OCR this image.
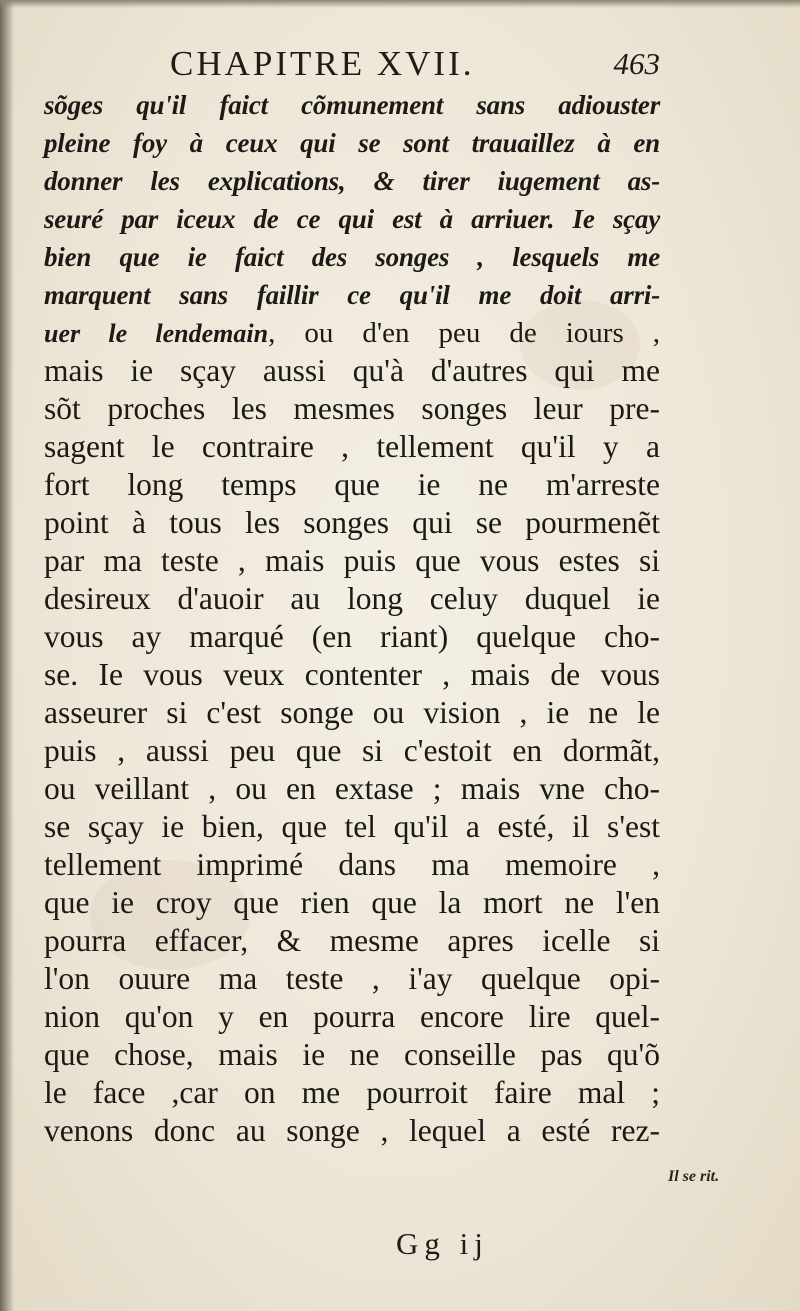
CHAPITRE XVII.	463
sõges qu'il faict cõmunement sans adiouster
pleine foy à ceux qui se sont trauaillez à en
donner les explications, & tirer iugement as-
seuré par iceux de ce qui est à arriuer. Ie sçay
bien que ie faict des songes , lesquels me
marquent sans faillir ce qu'il me doit arri-
uer le lendemain, ou d'en peu de iours ,
mais ie sçay aussi qu'à d'autres qui me
sõt proches les mesmes songes leur pre-
sagent le contraire , tellement qu'il y a
fort long temps que ie ne m'arreste
point à tous les songes qui se pourmenẽt
par ma teste , mais puis que vous estes si
desireux d'auoir au long celuy duquel ie
vous ay marqué (en riant) quelque cho-
se. Ie vous veux contenter , mais de vous
asseurer si c'est songe ou vision , ie ne le
puis , aussi peu que si c'estoit en dormãt,
ou veillant , ou en extase ; mais vne cho-
se sçay ie bien, que tel qu'il a esté, il s'est
tellement imprimé dans ma memoire ,
que ie croy que rien que la mort ne l'en
pourra effacer, & mesme apres icelle si
l'on ouure ma teste , i'ay quelque opi-
nion qu'on y en pourra encore lire quel-
que chose, mais ie ne conseille pas qu'õ
le face ,car on me pourroit faire mal ;
venons donc au songe , lequel a esté rez-
Il se rit.
Gg ij
